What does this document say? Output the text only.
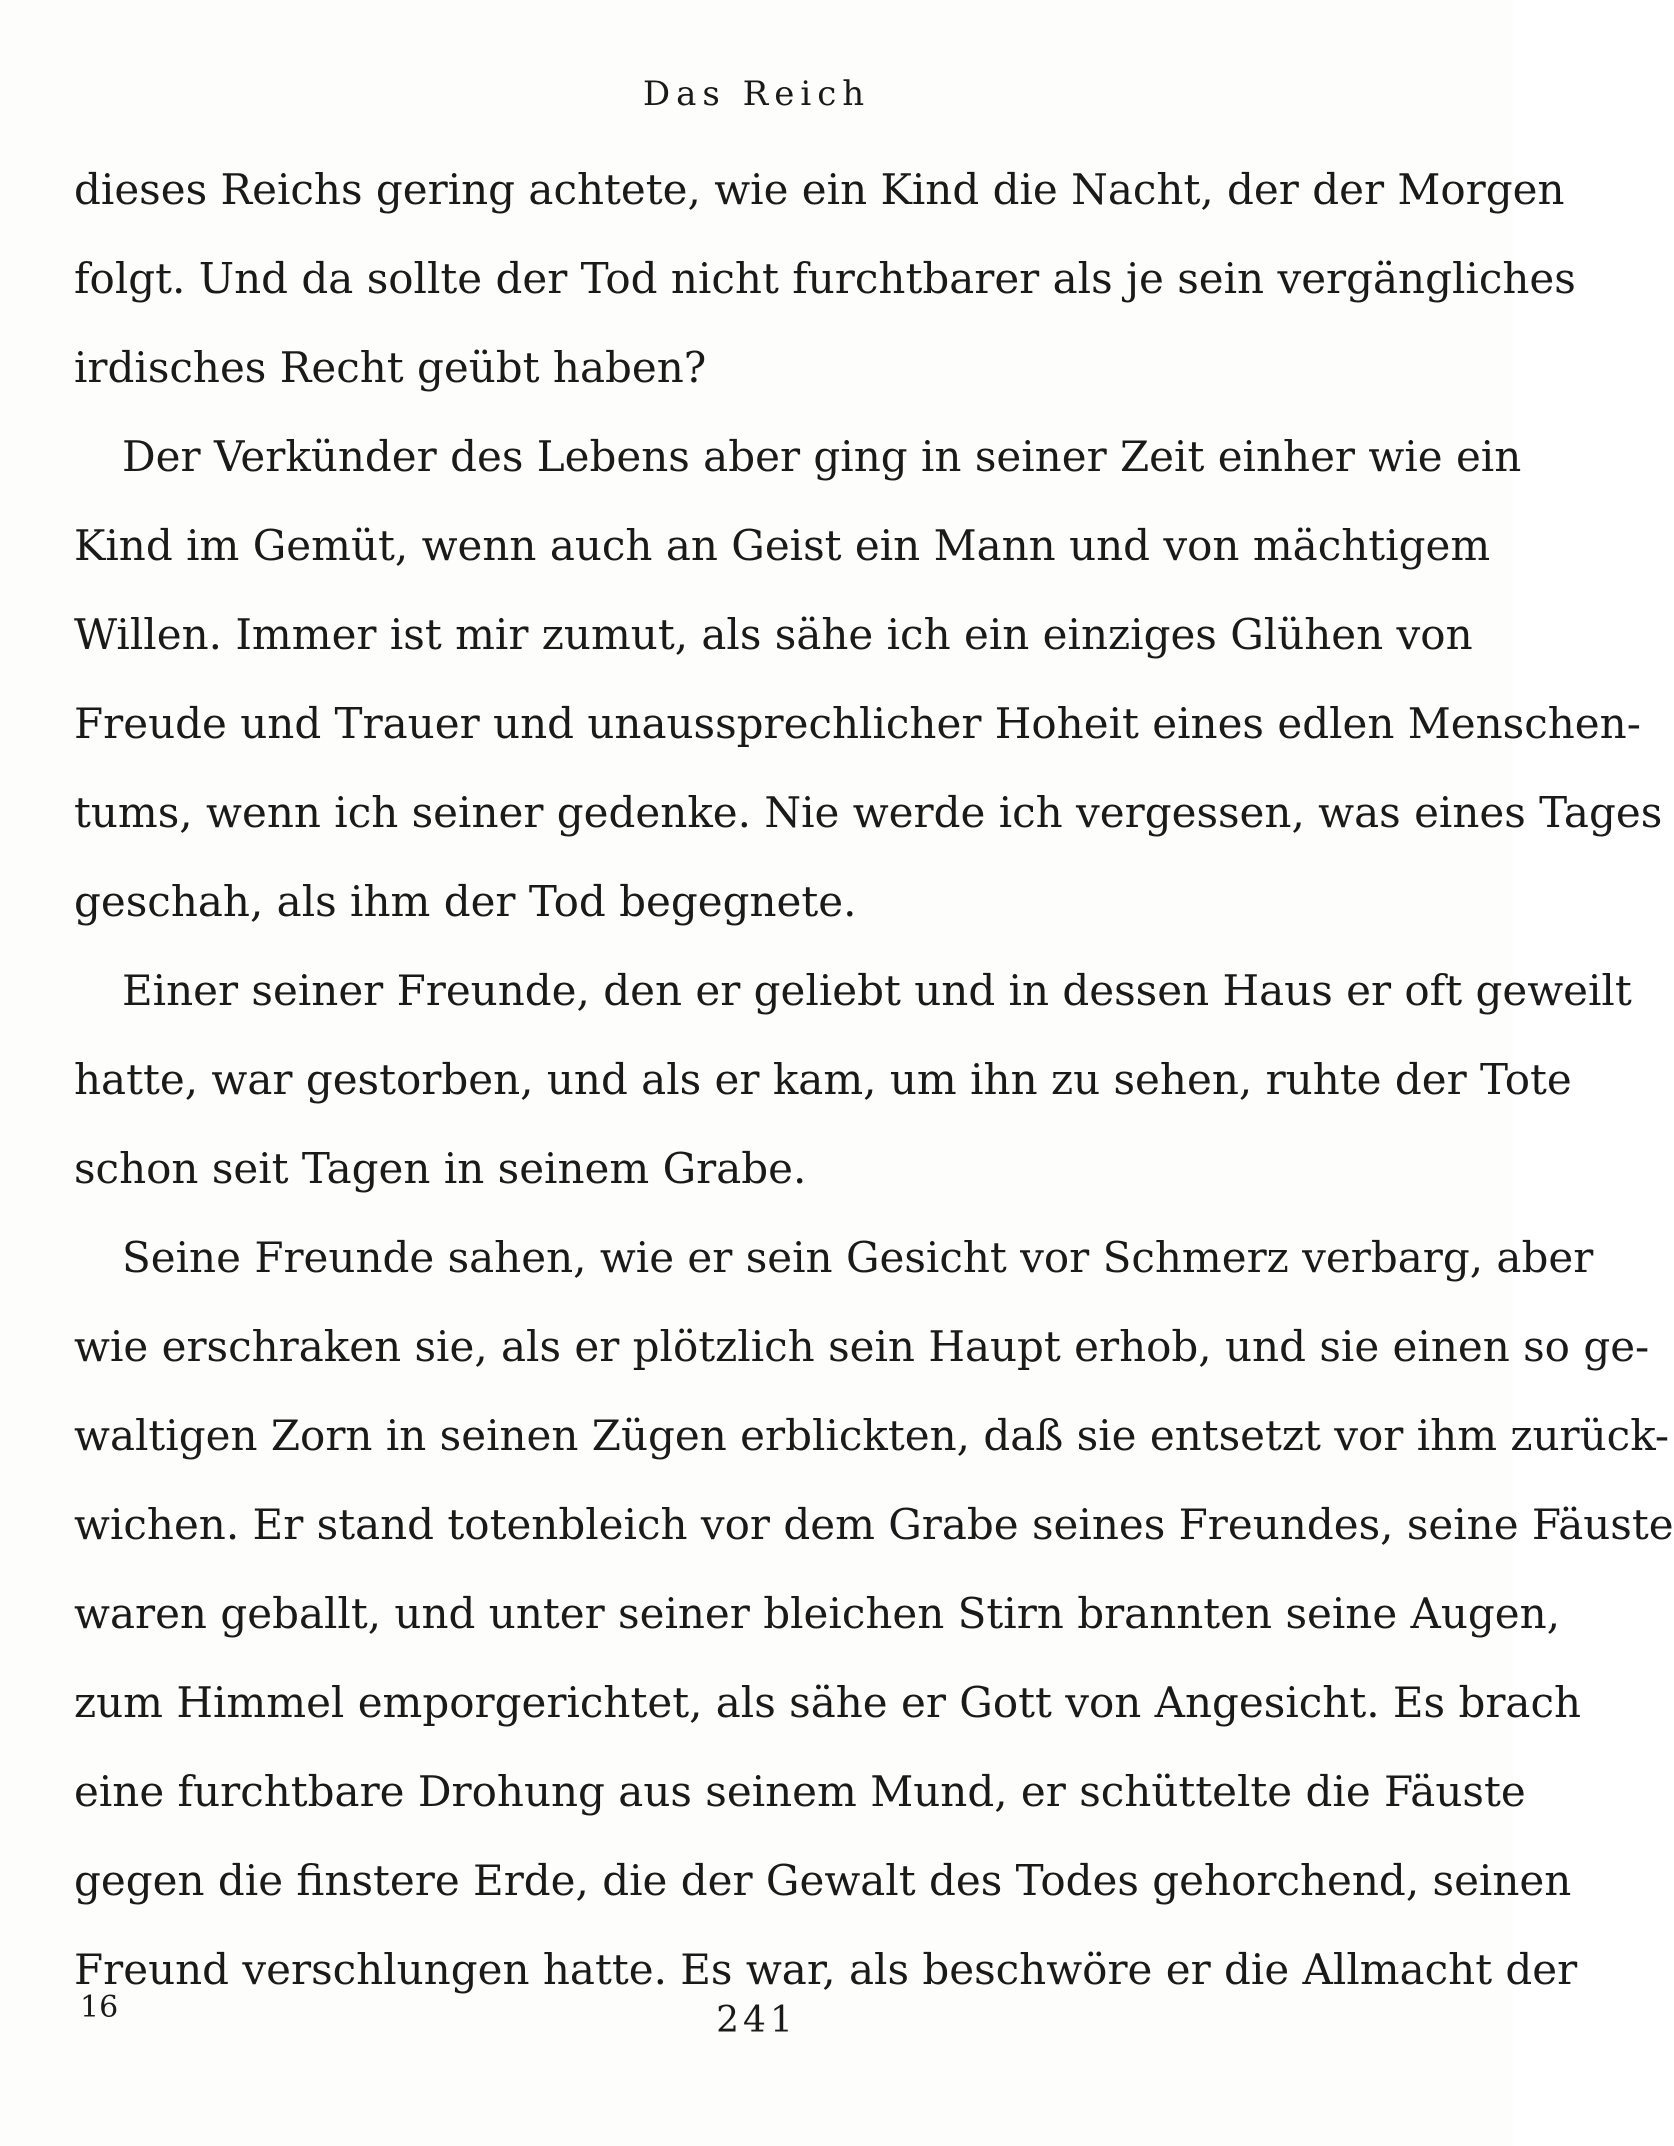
Das Reich
dieses Reichs gering achtete, wie ein Kind die Nacht, der der Morgen
folgt. Und da sollte der Tod nicht furchtbarer als je sein vergängliches
irdisches Recht geübt haben?
Der Verkünder des Lebens aber ging in seiner Zeit einher wie ein
Kind im Gemüt, wenn auch an Geist ein Mann und von mächtigem
Willen. Immer ist mir zumut, als sähe ich ein einziges Glühen von
Freude und Trauer und unaussprechlicher Hoheit eines edlen Menschen-
tums, wenn ich seiner gedenke. Nie werde ich vergessen, was eines Tages
geschah, als ihm der Tod begegnete.
Einer seiner Freunde, den er geliebt und in dessen Haus er oft geweilt
hatte, war gestorben, und als er kam, um ihn zu sehen, ruhte der Tote
schon seit Tagen in seinem Grabe.
Seine Freunde sahen, wie er sein Gesicht vor Schmerz verbarg, aber
wie erschraken sie, als er plötzlich sein Haupt erhob, und sie einen so ge-
waltigen Zorn in seinen Zügen erblickten, daß sie entsetzt vor ihm zurück-
wichen. Er stand totenbleich vor dem Grabe seines Freundes, seine Fäuste
waren geballt, und unter seiner bleichen Stirn brannten seine Augen,
zum Himmel emporgerichtet, als sähe er Gott von Angesicht. Es brach
eine furchtbare Drohung aus seinem Mund, er schüttelte die Fäuste
gegen die finstere Erde, die der Gewalt des Todes gehorchend, seinen
Freund verschlungen hatte. Es war, als beschwöre er die Allmacht der
16	241
